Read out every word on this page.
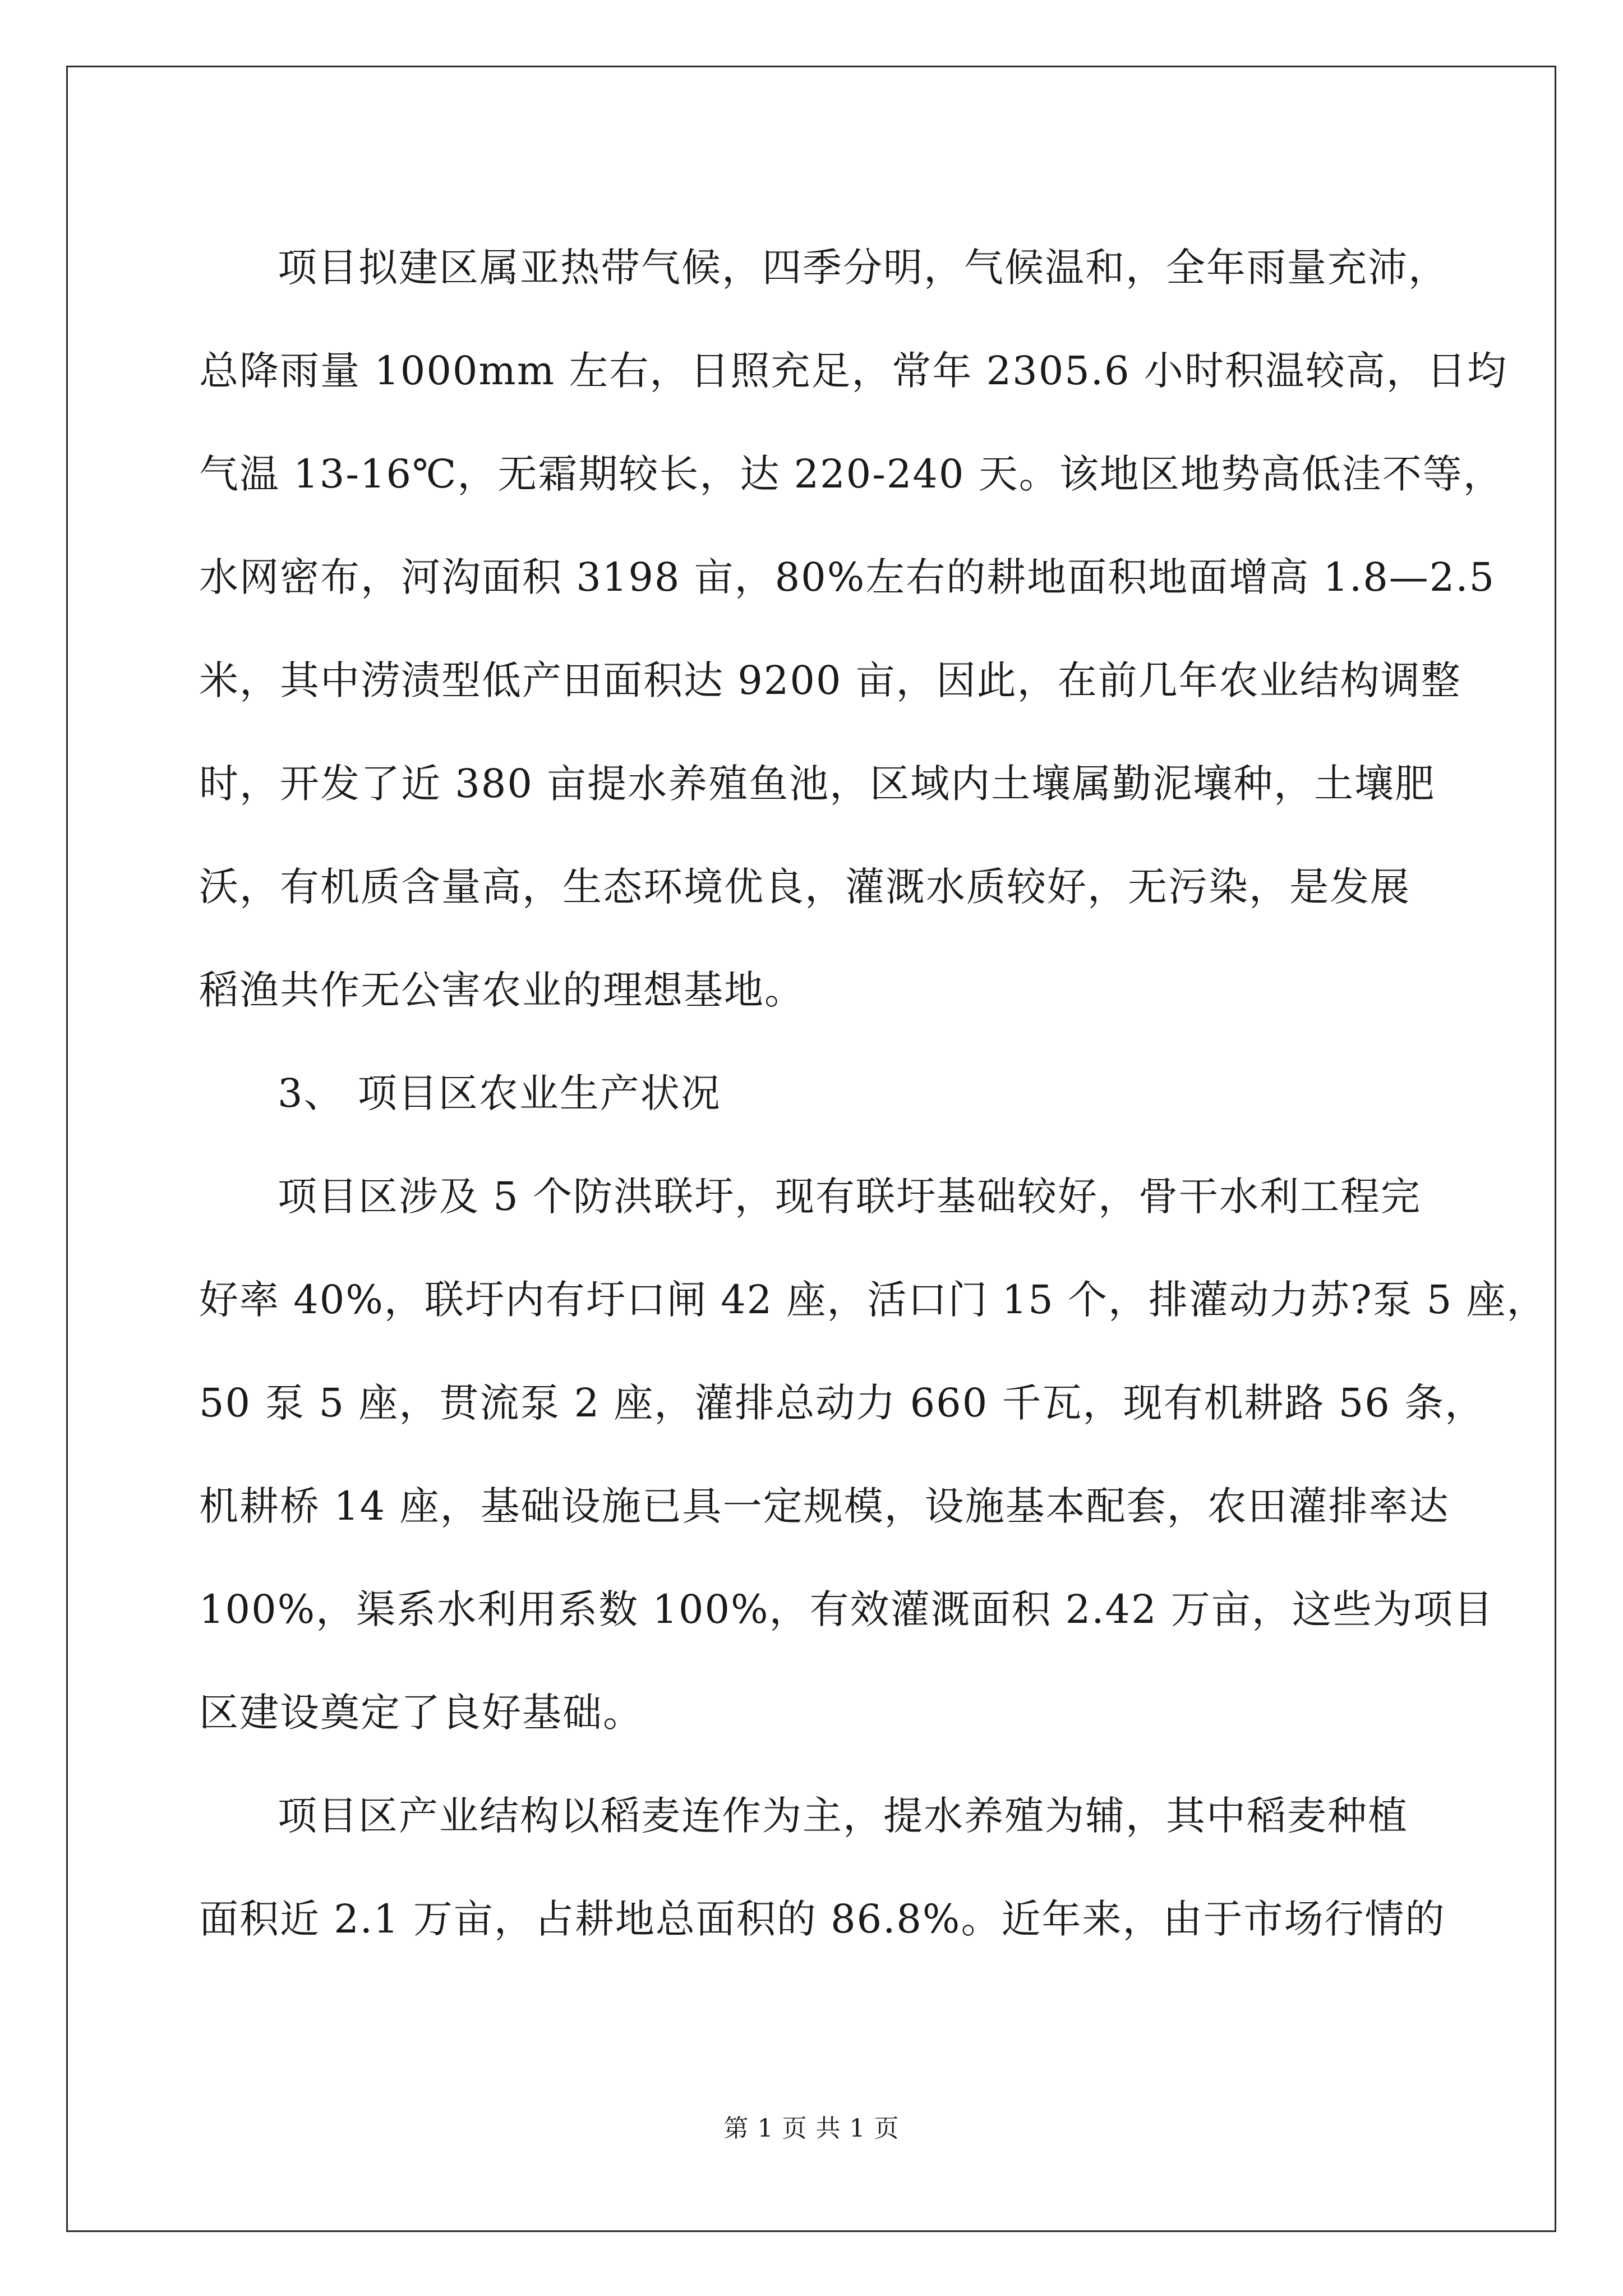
项目拟建区属亚热带气候，四季分明，气候温和，全年雨量充沛，
总降雨量 1000mm 左右，日照充足，常年 2305.6 小时积温较高，日均
气温 13-16℃，无霜期较长，达 220-240 天。该地区地势高低洼不等，
水网密布，河沟面积 3198 亩，80%左右的耕地面积地面增高 1.8—2.5
米，其中涝渍型低产田面积达 9200 亩，因此，在前几年农业结构调整
时，开发了近 380 亩提水养殖鱼池，区域内土壤属勤泥壤种，土壤肥
沃，有机质含量高，生态环境优良，灌溉水质较好，无污染，是发展
稻渔共作无公害农业的理想基地。
3、 项目区农业生产状况
项目区涉及 5 个防洪联圩，现有联圩基础较好，骨干水利工程完
好率 40%，联圩内有圩口闸 42 座，活口门 15 个，排灌动力苏?泵 5 座，
50 泵 5 座，贯流泵 2 座，灌排总动力 660 千瓦，现有机耕路 56 条，
机耕桥 14 座，基础设施已具一定规模，设施基本配套，农田灌排率达
100%，渠系水利用系数 100%，有效灌溉面积 2.42 万亩，这些为项目
区建设奠定了良好基础。
项目区产业结构以稻麦连作为主，提水养殖为辅，其中稻麦种植
面积近 2.1 万亩，占耕地总面积的 86.8%。近年来，由于市场行情的
第 1 页 共 1 页
